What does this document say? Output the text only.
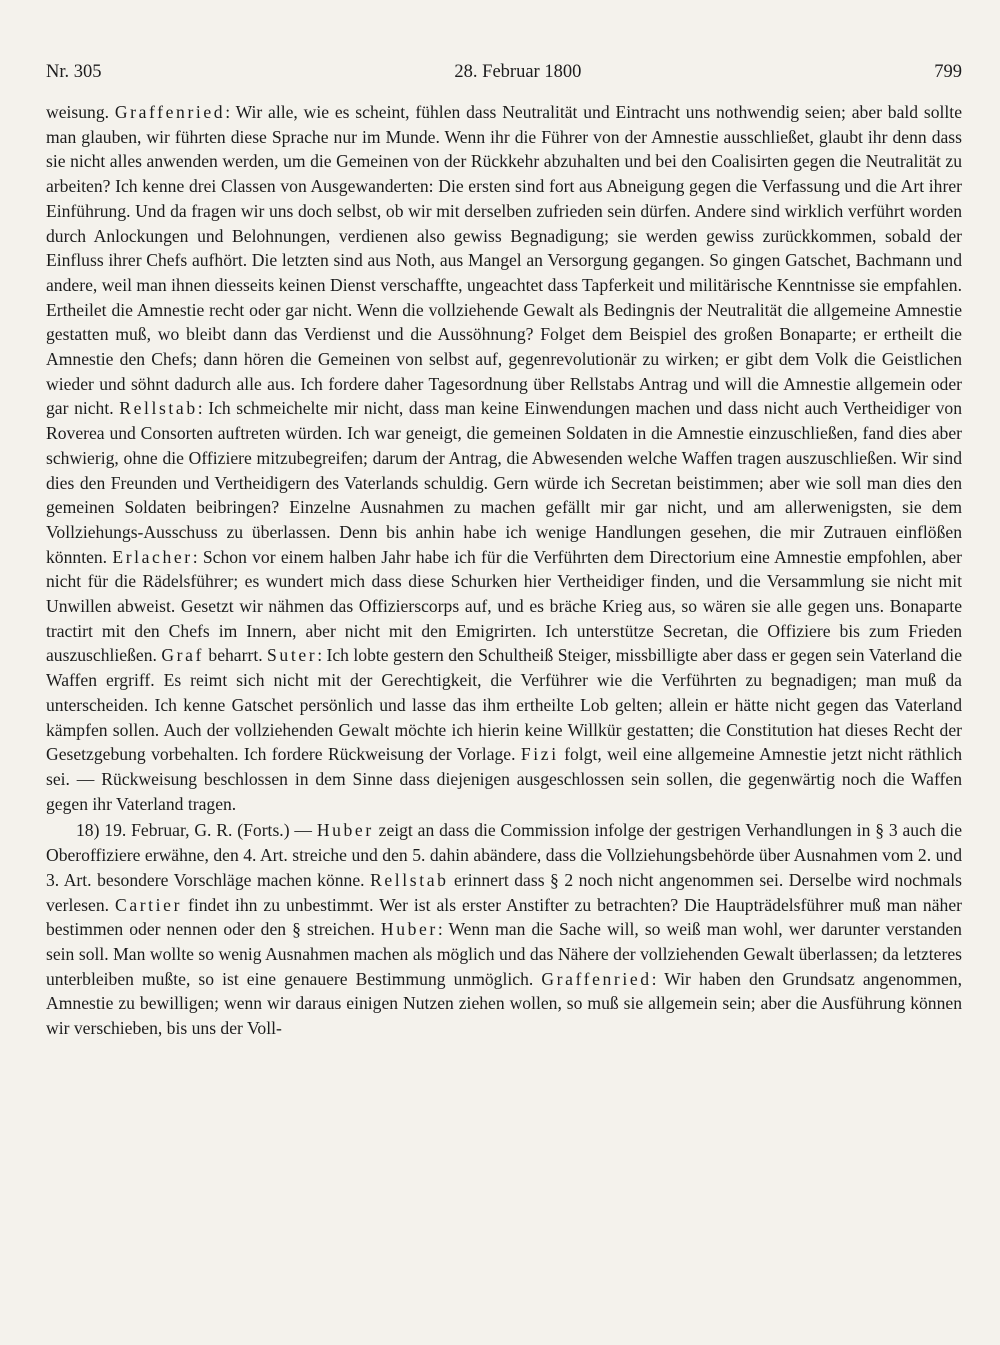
Nr. 305	28. Februar 1800	799

weisung. Graffenried: Wir alle, wie es scheint, fühlen dass Neutralität und Eintracht uns nothwendig seien; aber bald sollte man glauben, wir führten diese Sprache nur im Munde. Wenn ihr die Führer von der Amnestie ausschließet, glaubt ihr denn dass sie nicht alles anwenden werden, um die Gemeinen von der Rückkehr abzuhalten und bei den Coalisirten gegen die Neutralität zu arbeiten? Ich kenne drei Classen von Ausgewanderten: Die ersten sind fort aus Abneigung gegen die Verfassung und die Art ihrer Einführung. Und da fragen wir uns doch selbst, ob wir mit derselben zufrieden sein dürfen. Andere sind wirklich verführt worden durch Anlockungen und Belohnungen, verdienen also gewiss Begnadigung; sie werden gewiss zurückkommen, sobald der Einfluss ihrer Chefs aufhört. Die letzten sind aus Noth, aus Mangel an Versorgung gegangen. So gingen Gatschet, Bachmann und andere, weil man ihnen diesseits keinen Dienst verschaffte, ungeachtet dass Tapferkeit und militärische Kenntnisse sie empfahlen. Ertheilet die Amnestie recht oder gar nicht. Wenn die vollziehende Gewalt als Bedingnis der Neutralität die allgemeine Amnestie gestatten muß, wo bleibt dann das Verdienst und die Aussöhnung? Folget dem Beispiel des großen Bonaparte; er ertheilt die Amnestie den Chefs; dann hören die Gemeinen von selbst auf, gegenrevolutionär zu wirken; er gibt dem Volk die Geistlichen wieder und söhnt dadurch alle aus. Ich fordere daher Tagesordnung über Rellstabs Antrag und will die Amnestie allgemein oder gar nicht. Rellstab: Ich schmeichelte mir nicht, dass man keine Einwendungen machen und dass nicht auch Vertheidiger von Roverea und Consorten auftreten würden. Ich war geneigt, die gemeinen Soldaten in die Amnestie einzuschließen, fand dies aber schwierig, ohne die Offiziere mitzubegreifen; darum der Antrag, die Abwesenden welche Waffen tragen auszuschließen. Wir sind dies den Freunden und Vertheidigern des Vaterlands schuldig. Gern würde ich Secretan beistimmen; aber wie soll man dies den gemeinen Soldaten beibringen? Einzelne Ausnahmen zu machen gefällt mir gar nicht, und am allerwenigsten, sie dem Vollziehungs-Ausschuss zu überlassen. Denn bis anhin habe ich wenige Handlungen gesehen, die mir Zutrauen einflößen könnten. Erlacher: Schon vor einem halben Jahr habe ich für die Verführten dem Directorium eine Amnestie empfohlen, aber nicht für die Rädelsführer; es wundert mich dass diese Schurken hier Vertheidiger finden, und die Versammlung sie nicht mit Unwillen abweist. Gesetzt wir nähmen das Offizierscorps auf, und es bräche Krieg aus, so wären sie alle gegen uns. Bonaparte tractirt mit den Chefs im Innern, aber nicht mit den Emigrirten. Ich unterstütze Secretan, die Offiziere bis zum Frieden auszuschließen. Graf beharrt. Suter: Ich lobte gestern den Schultheiß Steiger, missbilligte aber dass er gegen sein Vaterland die Waffen ergriff. Es reimt sich nicht mit der Gerechtigkeit, die Verführer wie die Verführten zu begnadigen; man muß da unterscheiden. Ich kenne Gatschet persönlich und lasse das ihm ertheilte Lob gelten; allein er hätte nicht gegen das Vaterland kämpfen sollen. Auch der vollziehenden Gewalt möchte ich hierin keine Willkür gestatten; die Constitution hat dieses Recht der Gesetzgebung vorbehalten. Ich fordere Rückweisung der Vorlage. Fizi folgt, weil eine allgemeine Amnestie jetzt nicht räthlich sei. — Rückweisung beschlossen in dem Sinne dass diejenigen ausgeschlossen sein sollen, die gegenwärtig noch die Waffen gegen ihr Vaterland tragen.

18) 19. Februar, G. R. (Forts.) — Huber zeigt an dass die Commission infolge der gestrigen Verhandlungen in § 3 auch die Oberoffiziere erwähne, den 4. Art. streiche und den 5. dahin abändere, dass die Vollziehungsbehörde über Ausnahmen vom 2. und 3. Art. besondere Vorschläge machen könne. Rellstab erinnert dass § 2 noch nicht angenommen sei. Derselbe wird nochmals verlesen. Cartier findet ihn zu unbestimmt. Wer ist als erster Anstifter zu betrachten? Die Haupträdelsführer muß man näher bestimmen oder nennen oder den § streichen. Huber: Wenn man die Sache will, so weiß man wohl, wer darunter verstanden sein soll. Man wollte so wenig Ausnahmen machen als möglich und das Nähere der vollziehenden Gewalt überlassen; da letzteres unterbleiben mußte, so ist eine genauere Bestimmung unmöglich. Graffenried: Wir haben den Grundsatz angenommen, Amnestie zu bewilligen; wenn wir daraus einigen Nutzen ziehen wollen, so muß sie allgemein sein; aber die Ausführung können wir verschieben, bis uns der Voll-
